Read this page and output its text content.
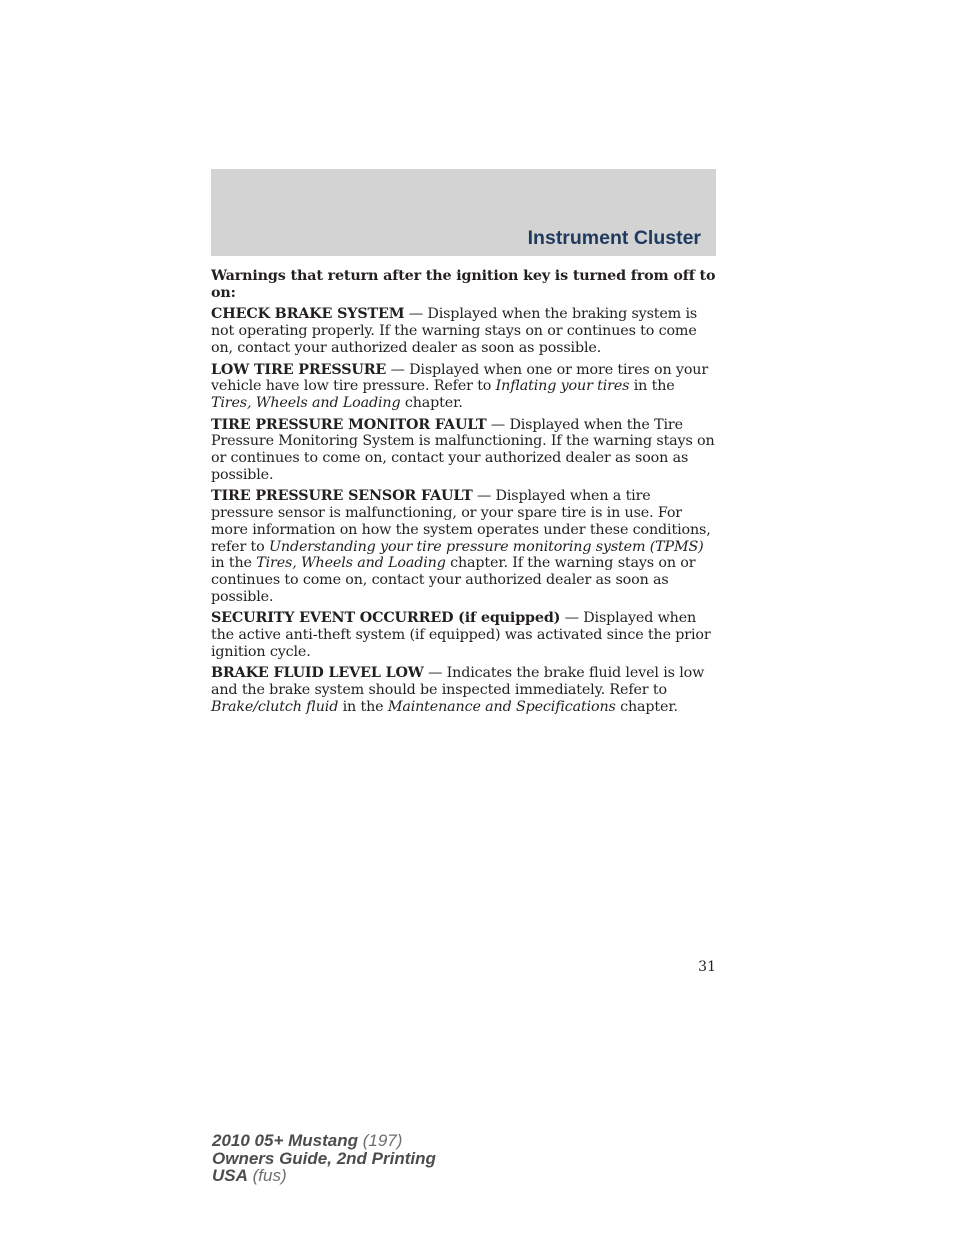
Instrument Cluster

Warnings that return after the ignition key is turned from off to on:

CHECK BRAKE SYSTEM — Displayed when the braking system is not operating properly. If the warning stays on or continues to come on, contact your authorized dealer as soon as possible.

LOW TIRE PRESSURE — Displayed when one or more tires on your vehicle have low tire pressure. Refer to Inflating your tires in the Tires, Wheels and Loading chapter.

TIRE PRESSURE MONITOR FAULT — Displayed when the Tire Pressure Monitoring System is malfunctioning. If the warning stays on or continues to come on, contact your authorized dealer as soon as possible.

TIRE PRESSURE SENSOR FAULT — Displayed when a tire pressure sensor is malfunctioning, or your spare tire is in use. For more information on how the system operates under these conditions, refer to Understanding your tire pressure monitoring system (TPMS) in the Tires, Wheels and Loading chapter. If the warning stays on or continues to come on, contact your authorized dealer as soon as possible.

SECURITY EVENT OCCURRED (if equipped) — Displayed when the active anti-theft system (if equipped) was activated since the prior ignition cycle.

BRAKE FLUID LEVEL LOW — Indicates the brake fluid level is low and the brake system should be inspected immediately. Refer to Brake/clutch fluid in the Maintenance and Specifications chapter.

31
2010 05+ Mustang (197)
Owners Guide, 2nd Printing
USA (fus)
